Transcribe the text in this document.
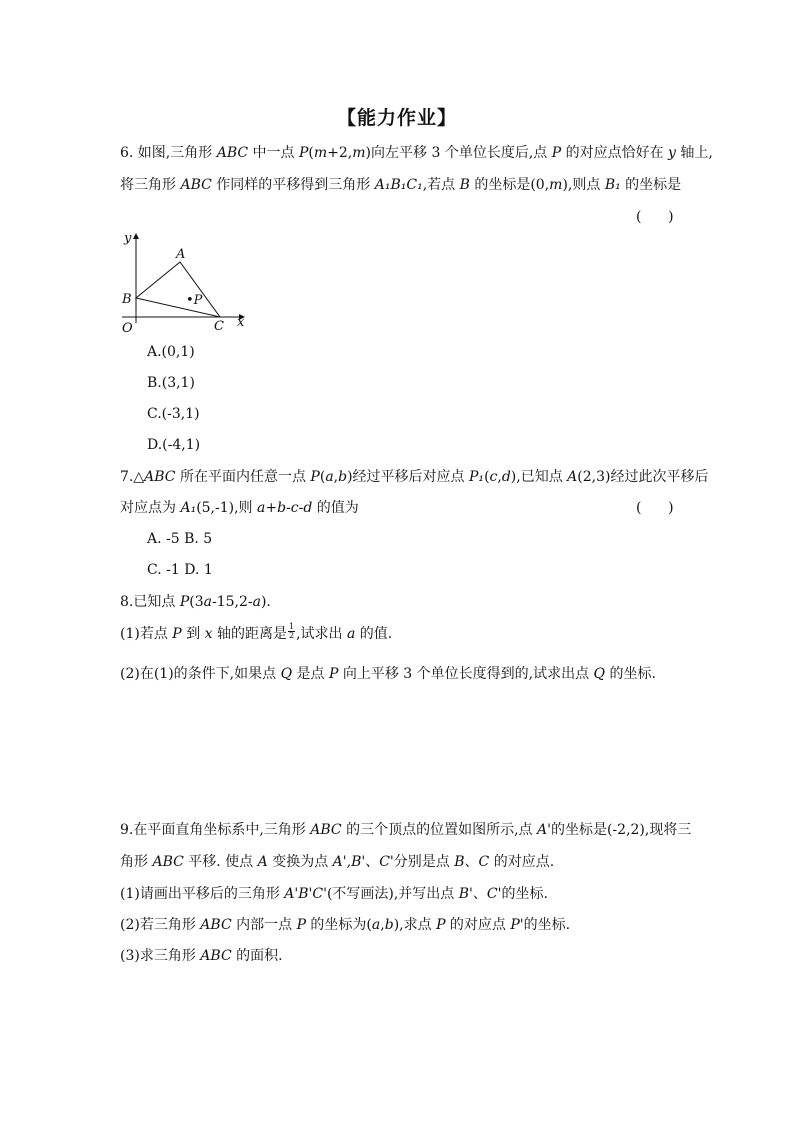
【能力作业】
6. 如图,三角形 ABC 中一点 P(m+2,m)向左平移 3 个单位长度后,点 P 的对应点恰好在 y 轴上,
将三角形 ABC 作同样的平移得到三角形 A₁B₁C₁,若点 B 的坐标是(0,m),则点 B₁ 的坐标是
(      )
y
x
O
A
B
C
•P
A.(0,1)
B.(3,1)
C.(-3,1)
D.(-4,1)
7.△ABC 所在平面内任意一点 P(a,b)经过平移后对应点 P₁(c,d),已知点 A(2,3)经过此次平移后
对应点为 A₁(5,-1),则 a+b-c-d 的值为	(      )
A. -5 B. 5
C. -1 D. 1
8.已知点 P(3a-15,2-a).
(1)若点 P 到 x 轴的距离是 $\frac{1}{2}$ ,试求出 a 的值.
(2)在(1)的条件下,如果点 Q 是点 P 向上平移 3 个单位长度得到的,试求出点 Q 的坐标.
9.在平面直角坐标系中,三角形 ABC 的三个顶点的位置如图所示,点 A'的坐标是(-2,2),现将三
角形 ABC 平移. 使点 A 变换为点 A',B'、C'分别是点 B、C 的对应点.
(1)请画出平移后的三角形 A'B'C'(不写画法),并写出点 B'、C'的坐标.
(2)若三角形 ABC 内部一点 P 的坐标为(a,b),求点 P 的对应点 P'的坐标.
(3)求三角形 ABC 的面积.
